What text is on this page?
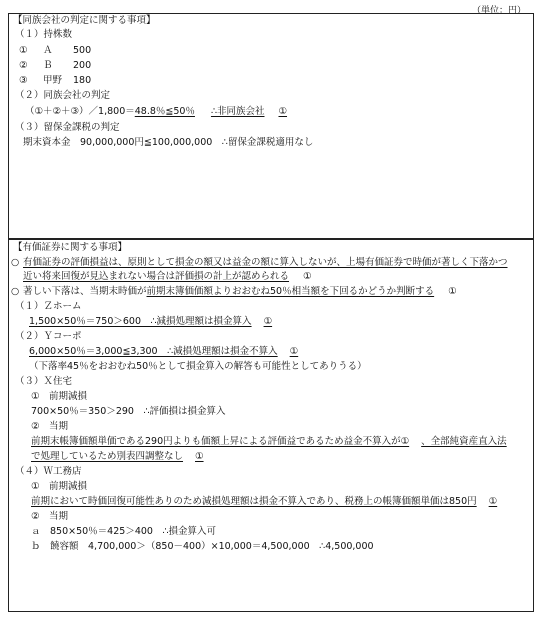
（単位：円）
【同族会社の判定に関する事項】
（１）持株数
① Ａ 500
② Ｂ 200
③ 甲野 180
（２）同族会社の判定
（①＋②＋③）／1,800＝48.8％≦50％ ∴非同族会社 ①
（３）留保金課税の判定
期末資本金　90,000,000円≦100,000,000　∴留保金課税適用なし
【有価証券に関する事項】
○ 有価証券の評価損益は、原則として損金の額又は益金の額に算入しないが、上場有価証券で時価が著しく下落かつ
近い将来回復が見込まれない場合は評価損の計上が認められる ①
○ 著しい下落は、当期末時価が前期末簿価価額よりおおむね50％相当額を下回るかどうか判断する ①
（１）Ｚホーム
1,500×50％＝750＞600　∴減損処理額は損金算入 ①
（２）Ｙコーポ
6,000×50％＝3,000≦3,300　∴減損処理額は損金不算入 ①
（下落率45％をおおむね50％として損金算入の解答も可能性としてありうる）
（３）Ｘ住宅
①　前期減損
700×50％＝350＞290　∴評価損は損金算入
②　当期
前期末帳簿価額単価である290円よりも価額上昇による評価益であるため益金不算入が① 、全部純資産直入法
で処理しているため別表四調整なし ①
（４）Ｗ工務店
①　前期減損
前期において時価回復可能性ありのため減損処理額は損金不算入であり、税務上の帳簿価額単価は850円 ①
②　当期
ａ　850×50％＝425＞400　∴損金算入可
ｂ　饒容額　4,700,000＞（850－400）×10,000＝4,500,000　∴4,500,000
